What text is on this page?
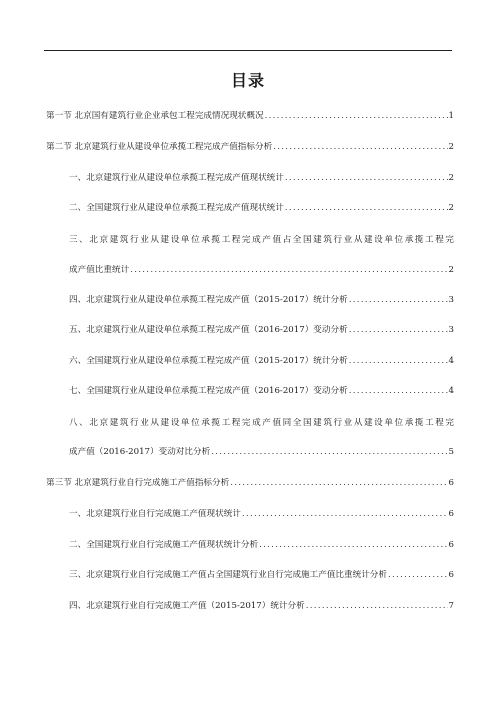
目录
第一节 北京国有建筑行业企业承包工程完成情况现状概况 .....	1
第二节 北京建筑行业从建设单位承揽工程完成产值指标分析 .....	2
一、北京建筑行业从建设单位承揽工程完成产值现状统计 .....	2
二、全国建筑行业从建设单位承揽工程完成产值现状统计 .....	2
三、北京建筑行业从建设单位承揽工程完成产值占全国建筑行业从建设单位承揽工程完
成产值比重统计 .....	2
四、北京建筑行业从建设单位承揽工程完成产值（2015-2017）统计分析 .....	3
五、北京建筑行业从建设单位承揽工程完成产值（2016-2017）变动分析 .....	3
六、全国建筑行业从建设单位承揽工程完成产值（2015-2017）统计分析 .....	4
七、全国建筑行业从建设单位承揽工程完成产值（2016-2017）变动分析 .....	4
八、北京建筑行业从建设单位承揽工程完成产值同全国建筑行业从建设单位承揽工程完
成产值（2016-2017）变动对比分析 .....	5
第三节 北京建筑行业自行完成施工产值指标分析 .....	6
一、北京建筑行业自行完成施工产值现状统计 .....	6
二、全国建筑行业自行完成施工产值现状统计分析 .....	6
三、北京建筑行业自行完成施工产值占全国建筑行业自行完成施工产值比重统计分析 .....	6
四、北京建筑行业自行完成施工产值（2015-2017）统计分析 .....	7
